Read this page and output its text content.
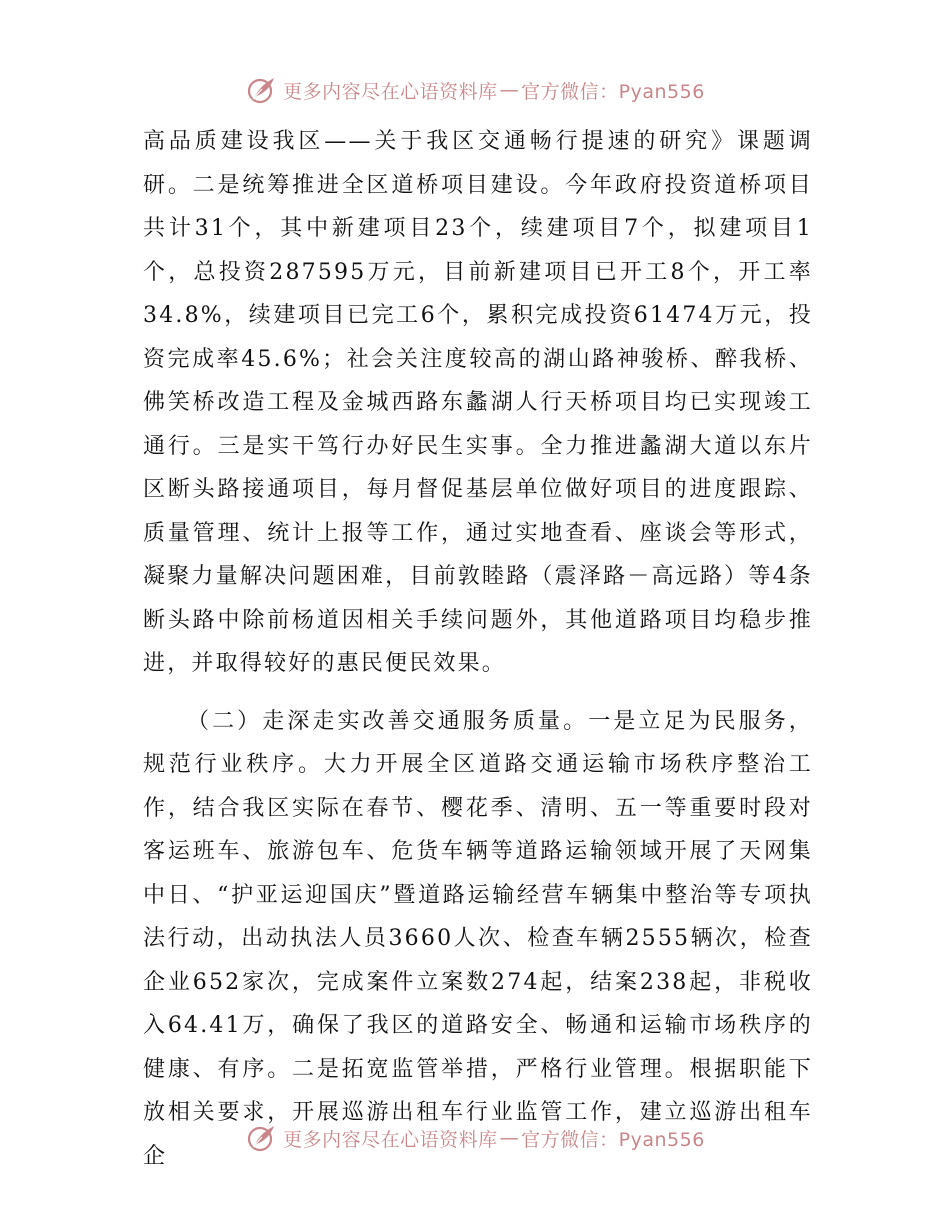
更多内容尽在心语资料库 — 官方微信：Pyan556

高品质建设我区——关于我区交通畅行提速的研究》课题调研。二是统筹推进全区道桥项目建设。今年政府投资道桥项目共计31个，其中新建项目23个，续建项目7个，拟建项目1个，总投资287595万元，目前新建项目已开工8个，开工率34.8%，续建项目已完工6个，累积完成投资61474万元，投资完成率45.6%；社会关注度较高的湖山路神骏桥、醉我桥、佛笑桥改造工程及金城西路东蠡湖人行天桥项目均已实现竣工通行。三是实干笃行办好民生实事。全力推进蠡湖大道以东片区断头路接通项目，每月督促基层单位做好项目的进度跟踪、质量管理、统计上报等工作，通过实地查看、座谈会等形式，凝聚力量解决问题困难，目前敦睦路（震泽路－高远路）等4条断头路中除前杨道因相关手续问题外，其他道路项目均稳步推进，并取得较好的惠民便民效果。

（二）走深走实改善交通服务质量。一是立足为民服务，规范行业秩序。大力开展全区道路交通运输市场秩序整治工作，结合我区实际在春节、樱花季、清明、五一等重要时段对客运班车、旅游包车、危货车辆等道路运输领域开展了天网集中日、“护亚运迎国庆”暨道路运输经营车辆集中整治等专项执法行动，出动执法人员3660人次、检查车辆2555辆次，检查企业652家次，完成案件立案数274起，结案238起，非税收入64.41万，确保了我区的道路安全、畅通和运输市场秩序的健康、有序。二是拓宽监管举措，严格行业管理。根据职能下放相关要求，开展巡游出租车行业监管工作，建立巡游出租车企

更多内容尽在心语资料库 — 官方微信：Pyan556
